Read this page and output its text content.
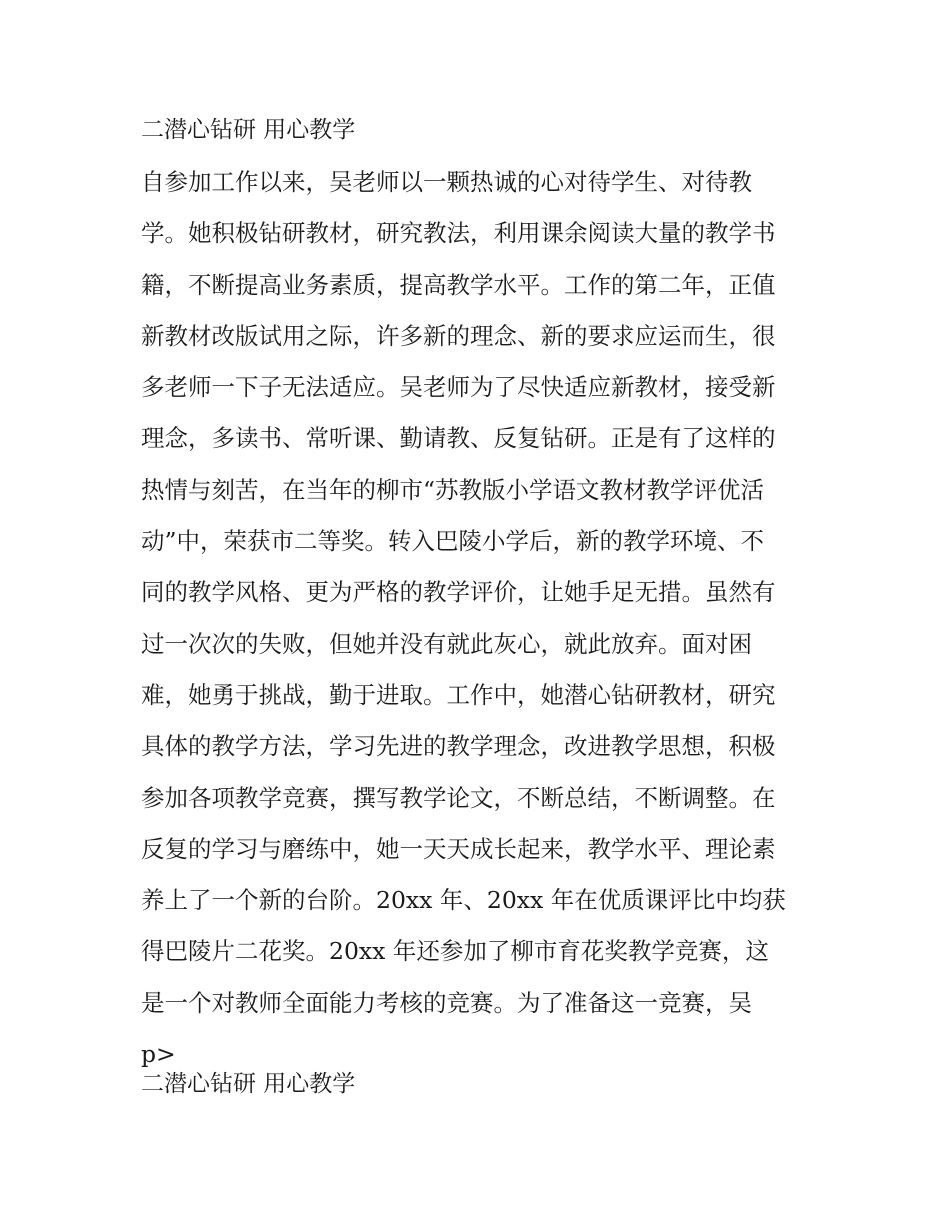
二潜心钻研 用心教学
自参加工作以来，吴老师以一颗热诚的心对待学生、对待教
学。她积极钻研教材，研究教法，利用课余阅读大量的教学书
籍，不断提高业务素质，提高教学水平。工作的第二年，正值
新教材改版试用之际，许多新的理念、新的要求应运而生，很
多老师一下子无法适应。吴老师为了尽快适应新教材，接受新
理念，多读书、常听课、勤请教、反复钻研。正是有了这样的
热情与刻苦，在当年的柳市“苏教版小学语文教材教学评优活
动”中，荣获市二等奖。转入巴陵小学后，新的教学环境、不
同的教学风格、更为严格的教学评价，让她手足无措。虽然有
过一次次的失败，但她并没有就此灰心，就此放弃。面对困
难，她勇于挑战，勤于进取。工作中，她潜心钻研教材，研究
具体的教学方法，学习先进的教学理念，改进教学思想，积极
参加各项教学竞赛，撰写教学论文，不断总结，不断调整。在
反复的学习与磨练中，她一天天成长起来，教学水平、理论素
养上了一个新的台阶。20xx 年、20xx 年在优质课评比中均获
得巴陵片二花奖。20xx 年还参加了柳市育花奖教学竞赛，这
是一个对教师全面能力考核的竞赛。为了准备这一竞赛，吴
p>
二潜心钻研 用心教学
